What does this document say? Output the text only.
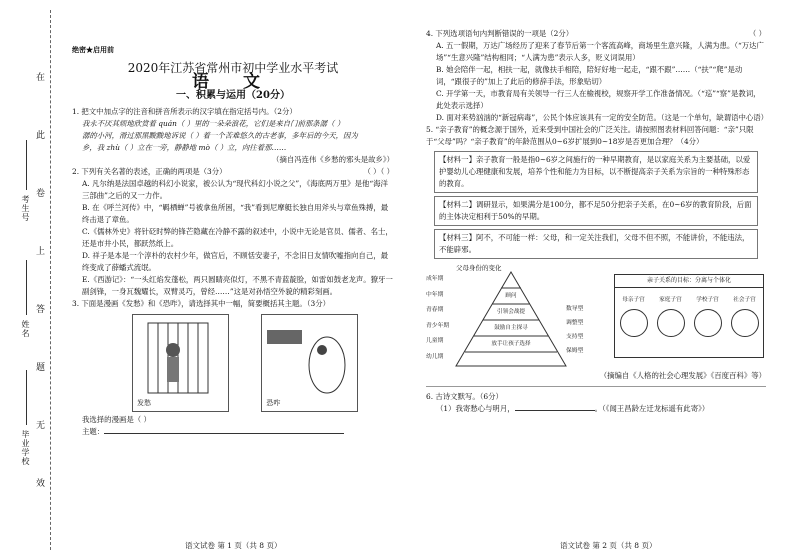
在
此
卷
上
答
题
无
效
考生号
姓名
毕业学校
绝密★启用前
2020年江苏省常州市初中学业水平考试
语 文
一、积累与运用（20分）

1. 把文中加点字的注音和拼音所表示的汉字填在指定括号内。（2分）

我永不厌其烦地欣赏着 quán（ ）里的一朵朵浪花，它们是来自门前那条潺（ ）

潺的小河，滑过那黑黢黢地诉说（ ）着一个苦难悠久的古老事，多年后的今天，因为

乡，我 zhù（ ）立在一旁，静静地 mò（ ）立，向往着那……

（摘自冯连伟《乡愁的邪头是故乡》）

2. 下列有关名著的表述，正确的两项是（3分）	（ ）（ ）

A. 凡尔纳是法国卓越的科幻小说家，被公认为“现代科幻小说之父”，《海底两万里》是他“海洋三部曲”之后的又一力作。

B. 在《呼兰河传》中，“羁栖蝉”号被拿鱼所困，“我”看到尼摩艇长独自用斧头与章鱼殊搏，最终击退了章鱼。

C.《儒林外史》将针砭时弊的锋芒隐藏在冷静不露的叙述中，小说中无论是官员、儒者、名士，还是市井小民，都跃然纸上。

D. 祥子是本是一个淳朴的农村少年，做官后，不顾恬安妻子，不念旧日友情吹嘘指向自己，最终变成了薛蟠式流氓。

E.《西游记》：“一头红焰发蓬松，两只圆睛亮似灯，不黑不青蓝靛脸，如雷如鼓老龙声。獠牙一副剑锋，一身瓦魏耀长，双臂灵巧，曾经……”这是对孙悟空外貌的精彩刻画。

3. 下面是漫画《发愁》和《恐咋》，请选择其中一幅，简要概括其主题。（3分）

发愁
	恐咋

我选择的漫画是（ ）

主题：

4. 下列选项语句内判断错误的一项是（2分）	（ ）

A. 五一假期，万达广场经历了迎来了春节后第一个客流高峰，商场里生意兴隆，人满为患。（“万达广场”“生意兴隆”结构相同；“人满为患”表示人多，贬义词误用）

B. 她会陪伴一起，相扶一起，就像扶手相陪，陪好好地一起走，“跟不跟”……（“扶”“爬”是动词，“跟很子的”加上了此后的修辞手法，形象贴切）

C. 开学第一天，市教育局有关领导一行三人在檢視校，规察开学工作准备情况。（“巡”“察”是教词，此处表示选择）

D. 面对来势汹汹的“新冠病毒”，公民个体应该具有一定的安全防范。（这是一个单句，缺谓语中心语）

5. “亲子教育”的概念源于国外，近来受到中国社会的广泛关注。请按照图表材料回答问题：“亲”只限于“父母”吗？“亲子教育”的年龄范围从0~6岁扩展到0~18岁是否更加合理？（4分）

【材料一】亲子教育一般是指0~6岁之间施行的一种早期教育，是以家庭关系为主要基础，以爱护婴幼儿心理健康和发展，培养个性和能力为目标，以不断提高亲子关系为宗旨的一种特殊形态的教育。
【材料二】调研显示，如果满分是100分，都不足50分把亲子关系，在0~6岁的教育阶段，后面的主体决定相利于50%的早期。
【材料三】阿不，不可能一样：父母，和一定关注我们，父母不但不照，不能讲价，不能违法，不能辟邪。
父母身份的变化
成年期
中年期
青春期
青少年期
儿童期
幼儿期
顾问
引领会战提
鼓励自主探寻
放手让孩子选择
数导型
调整型
支持型
保姆型
亲子关系的目标：分离与个体化
母亲子宫	家庭子宫	学校子宫	社会子宫

（摘编自《人格的社会心理发展》《百度百科》等）

6. 古诗文默写。（6分）

（1）我寄愁心与明月，	。（《闻王昌龄左迁龙标遥有此寄》）

语文试卷 第 1 页（共 8 页）	语文试卷 第 2 页（共 8 页）
